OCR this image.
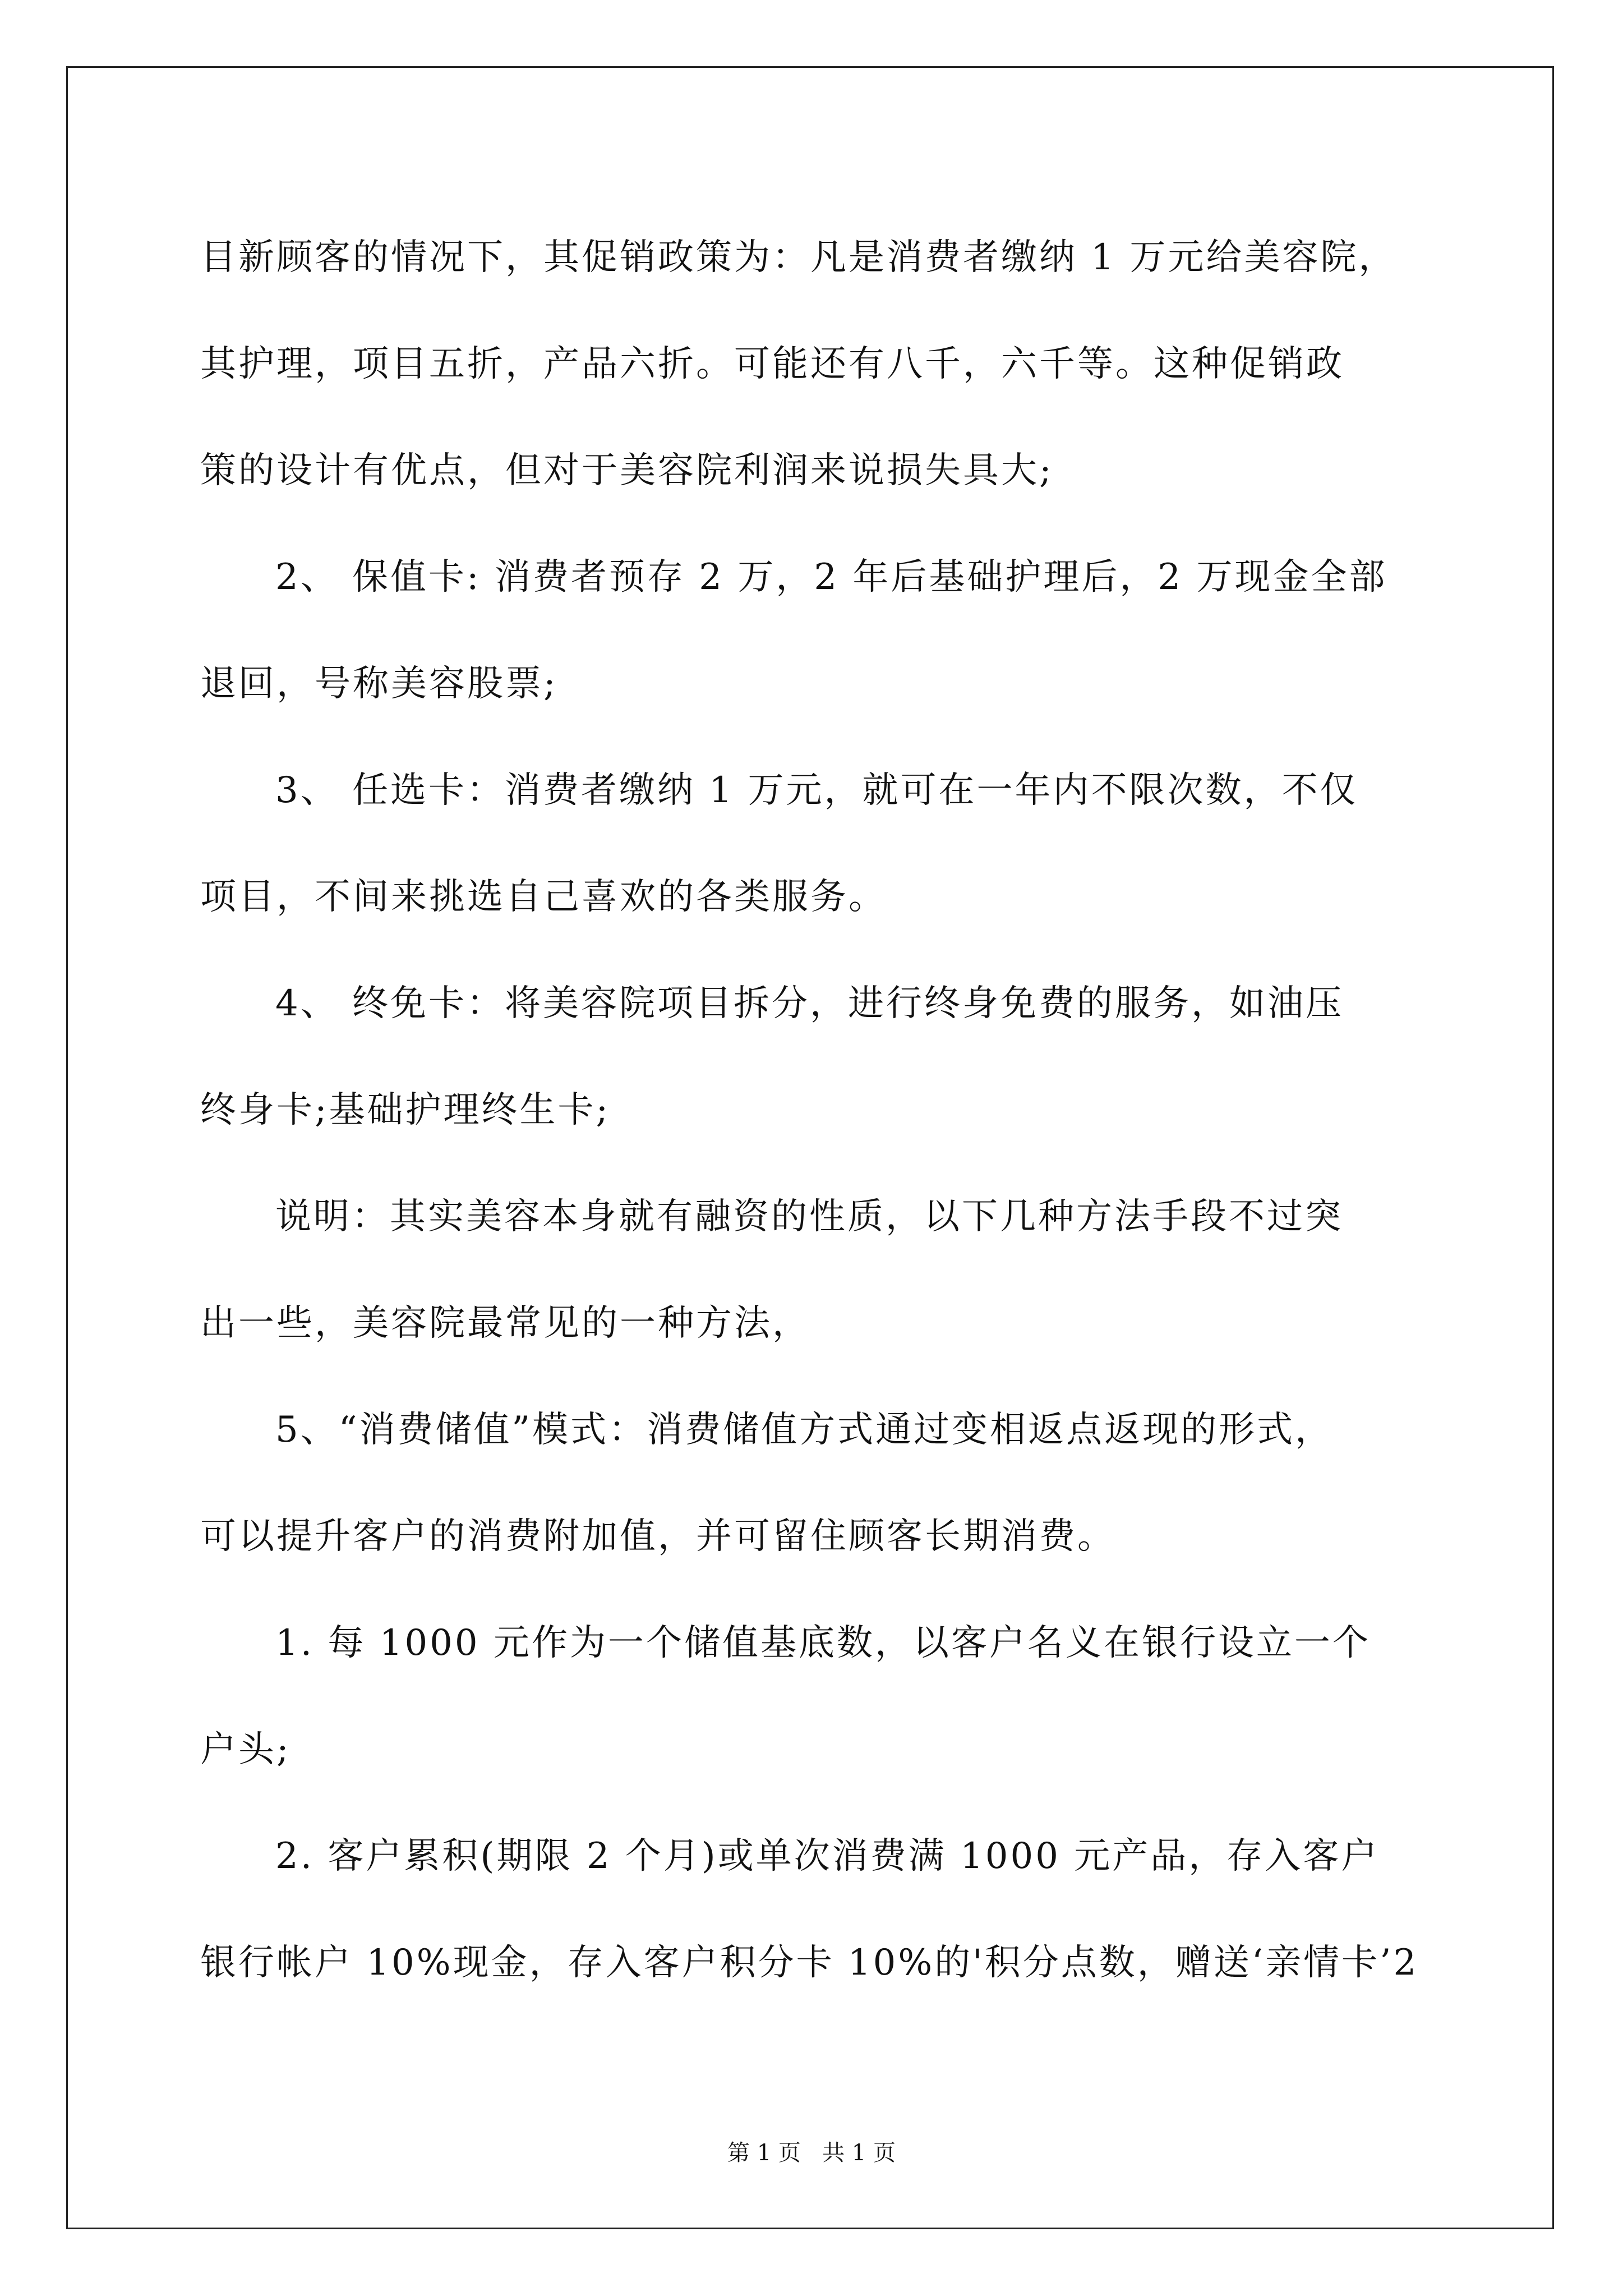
目新顾客的情况下，其促销政策为：凡是消费者缴纳 1 万元给美容院，
其护理，项目五折，产品六折。可能还有八千，六千等。这种促销政
策的设计有优点，但对于美容院利润来说损失具大;
2、 保值卡: 消费者预存 2 万，2 年后基础护理后，2 万现金全部
退回，号称美容股票;
3、 任选卡：消费者缴纳 1 万元，就可在一年内不限次数，不仅
项目，不间来挑选自己喜欢的各类服务。
4、 终免卡：将美容院项目拆分，进行终身免费的服务，如油压
终身卡;基础护理终生卡;
说明：其实美容本身就有融资的性质，以下几种方法手段不过突
出一些，美容院最常见的一种方法，
5、“消费储值”模式：消费储值方式通过变相返点返现的形式，
可以提升客户的消费附加值，并可留住顾客长期消费。
1. 每 1000 元作为一个储值基底数，以客户名义在银行设立一个
户头;
2. 客户累积(期限 2 个月)或单次消费满 1000 元产品，存入客户
银行帐户 10%现金，存入客户积分卡 10%的'积分点数，赠送‘亲情卡’2
第 1 页   共 1 页
